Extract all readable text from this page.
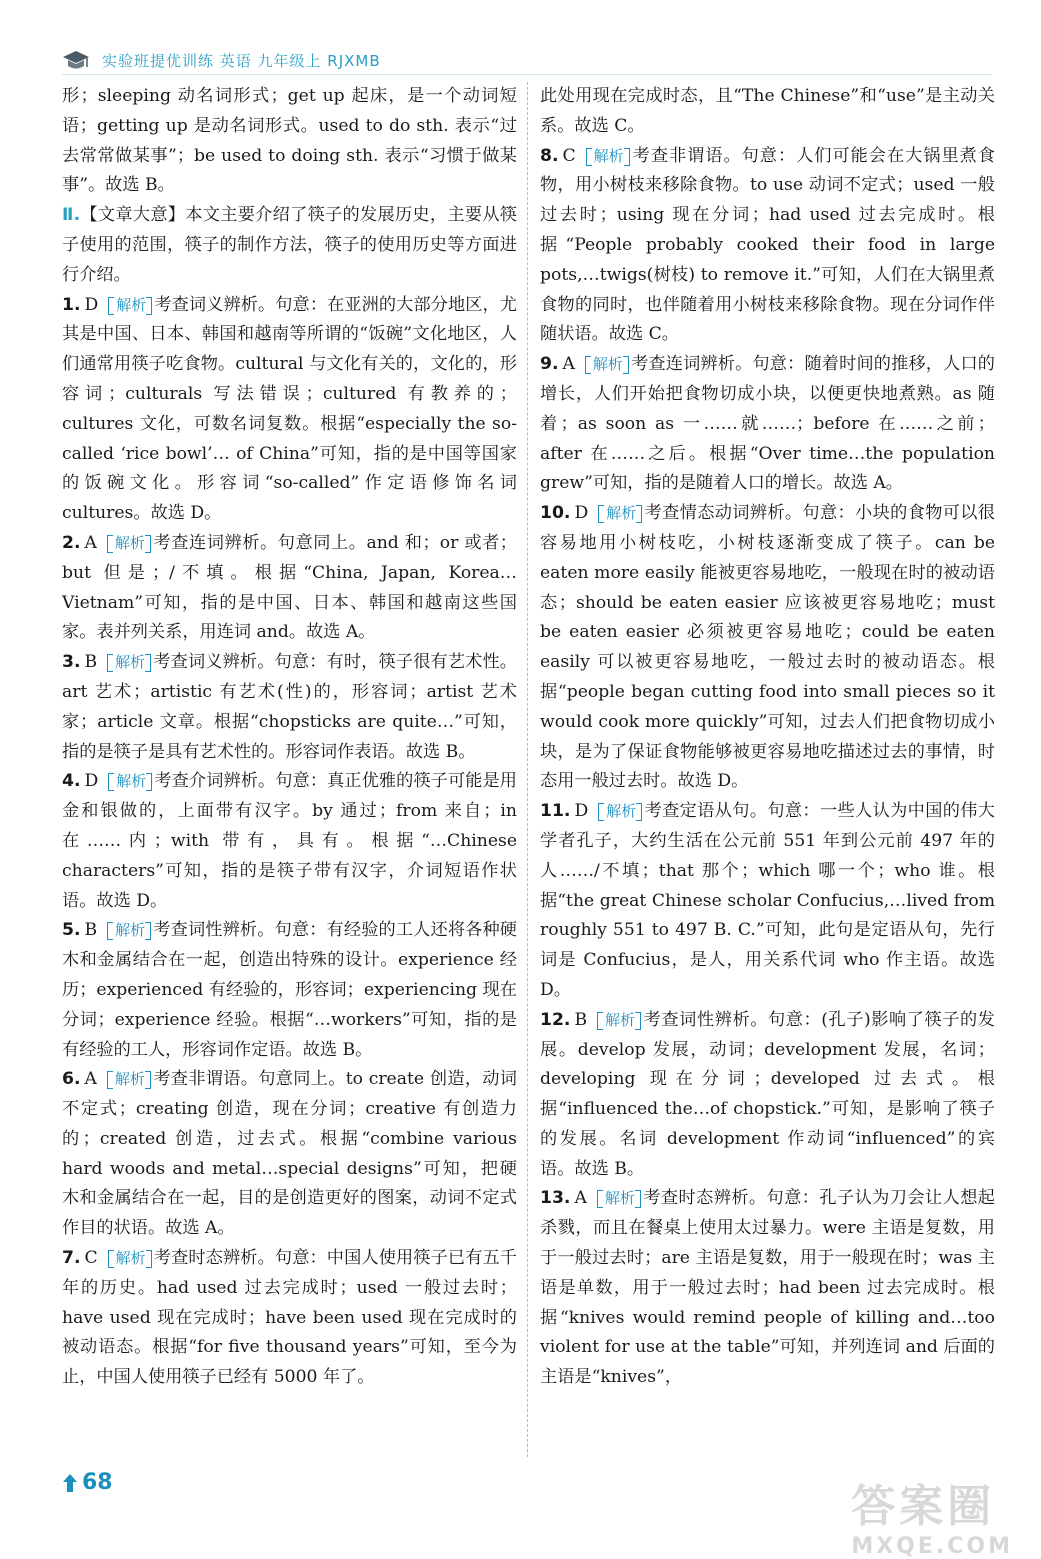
实验班提优训练 英语 九年级上 RJXMB

形；sleeping 动名词形式；get up 起床，是一个动词短语；getting up 是动名词形式。used to do sth. 表示“过去常常做某事”；be used to doing sth. 表示“习惯于做某事”。故选 B。

Ⅱ.【文章大意】本文主要介绍了筷子的发展历史，主要从筷子使用的范围，筷子的制作方法，筷子的使用历史等方面进行介绍。

1. D 解析 考查词义辨析。句意：在亚洲的大部分地区，尤其是中国、日本、韩国和越南等所谓的“饭碗”文化地区，人们通常用筷子吃食物。cultural 与文化有关的，文化的，形容词；culturals 写法错误；cultured 有教养的；cultures 文化，可数名词复数。根据“especially the so-called ‘rice bowl’… of China”可知，指的是中国等国家的饭碗文化。形容词“so-called”作定语修饰名词 cultures。故选 D。

2. A 解析 考查连词辨析。句意同上。and 和；or 或者；but 但是；/不填。根据“China, Japan, Korea…Vietnam”可知，指的是中国、日本、韩国和越南这些国家。表并列关系，用连词 and。故选 A。

3. B 解析 考查词义辨析。句意：有时，筷子很有艺术性。art 艺术；artistic 有艺术(性)的，形容词；artist 艺术家；article 文章。根据“chopsticks are quite…”可知，指的是筷子是具有艺术性的。形容词作表语。故选 B。

4. D 解析 考查介词辨析。句意：真正优雅的筷子可能是用金和银做的，上面带有汉字。by 通过；from 来自；in 在……内；with 带有，具有。根据“…Chinese characters”可知，指的是筷子带有汉字，介词短语作状语。故选 D。

5. B 解析 考查词性辨析。句意：有经验的工人还将各种硬木和金属结合在一起，创造出特殊的设计。experience 经历；experienced 有经验的，形容词；experiencing 现在分词；experience 经验。根据“…workers”可知，指的是有经验的工人，形容词作定语。故选 B。

6. A 解析 考查非谓语。句意同上。to create 创造，动词不定式；creating 创造，现在分词；creative 有创造力的；created 创造，过去式。根据“combine various hard woods and metal…special designs”可知，把硬木和金属结合在一起，目的是创造更好的图案，动词不定式作目的状语。故选 A。

7. C 解析 考查时态辨析。句意：中国人使用筷子已有五千年的历史。had used 过去完成时；used 一般过去时；have used 现在完成时；have been used 现在完成时的被动语态。根据“for five thousand years”可知，至今为止，中国人使用筷子已经有 5000 年了。

此处用现在完成时态，且“The Chinese”和“use”是主动关系。故选 C。

8. C 解析 考查非谓语。句意：人们可能会在大锅里煮食物，用小树枝来移除食物。to use 动词不定式；used 一般过去时；using 现在分词；had used 过去完成时。根据“People probably cooked their food in large pots,…twigs(树枝) to remove it.”可知，人们在大锅里煮食物的同时，也伴随着用小树枝来移除食物。现在分词作伴随状语。故选 C。

9. A 解析 考查连词辨析。句意：随着时间的推移，人口的增长，人们开始把食物切成小块，以便更快地煮熟。as 随着；as soon as 一……就……；before 在……之前；after 在……之后。根据“Over time…the population grew”可知，指的是随着人口的增长。故选 A。

10. D 解析 考查情态动词辨析。句意：小块的食物可以很容易地用小树枝吃，小树枝逐渐变成了筷子。can be eaten more easily 能被更容易地吃，一般现在时的被动语态；should be eaten easier 应该被更容易地吃；must be eaten easier 必须被更容易地吃；could be eaten easily 可以被更容易地吃，一般过去时的被动语态。根据“people began cutting food into small pieces so it would cook more quickly”可知，过去人们把食物切成小块，是为了保证食物能够被更容易地吃描述过去的事情，时态用一般过去时。故选 D。

11. D 解析 考查定语从句。句意：一些人认为中国的伟大学者孔子，大约生活在公元前 551 年到公元前 497 年的人……/不填；that 那个；which 哪一个；who 谁。根据“the great Chinese scholar Confucius,…lived from roughly 551 to 497 B. C.”可知，此句是定语从句，先行词是 Confucius，是人，用关系代词 who 作主语。故选 D。

12. B 解析 考查词性辨析。句意：(孔子)影响了筷子的发展。develop 发展，动词；development 发展，名词；developing 现在分词；developed 过去式。根据“influenced the…of chopstick.”可知，是影响了筷子的发展。名词 development 作动词“influenced”的宾语。故选 B。

13. A 解析 考查时态辨析。句意：孔子认为刀会让人想起杀戮，而且在餐桌上使用太过暴力。were 主语是复数，用于一般过去时；are 主语是复数，用于一般现在时；was 主语是单数，用于一般过去时；had been 过去完成时。根据“knives would remind people of killing and…too violent for use at the table”可知，并列连词 and 后面的主语是“knives”，

68	答案圈
MXQE.COM
